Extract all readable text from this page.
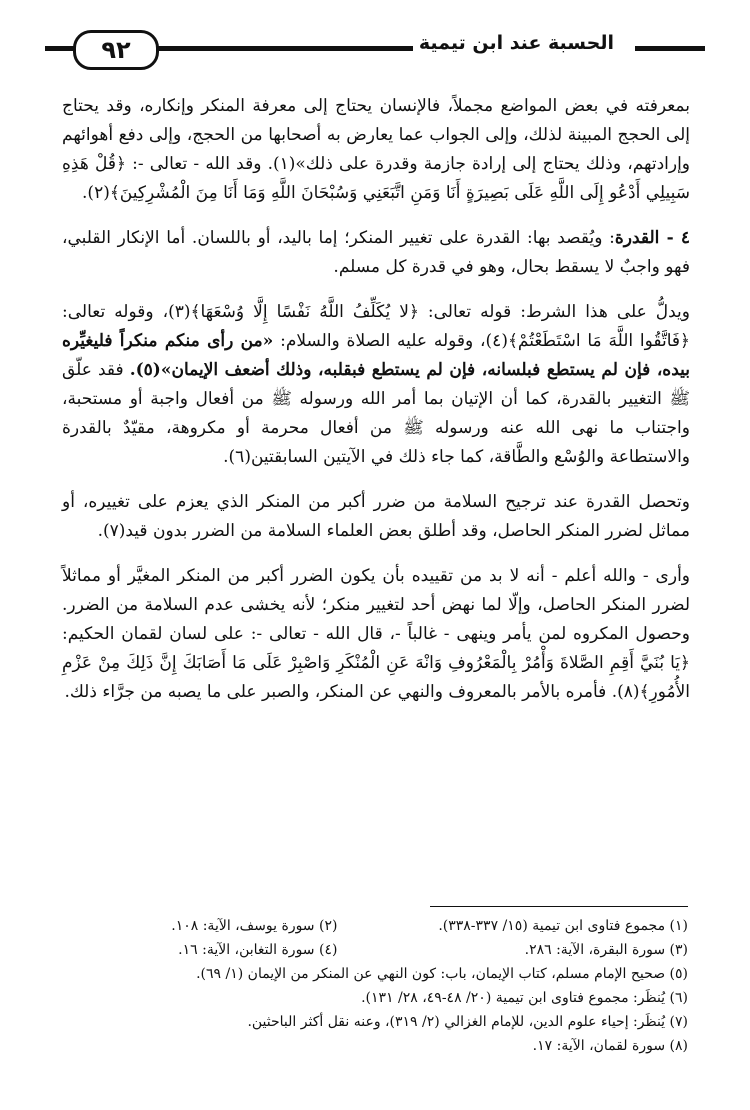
الحسبة عند ابن تيمية
٩٢

بمعرفته في بعض المواضع مجملاً، فالإنسان يحتاج إلى معرفة المنكر وإنكاره، وقد يحتاج إلى الحجج المبينة لذلك، وإلى الجواب عما يعارض به أصحابها من الحجج، وإلى دفع أهوائهم وإرادتهم، وذلك يحتاج إلى إرادة جازمة وقدرة على ذلك»(١). وقد الله - تعالى -: ﴿قُلْ هَذِهِ سَبِيلِي أَدْعُو إِلَى اللَّهِ عَلَى بَصِيرَةٍ أَنَا وَمَنِ اتَّبَعَنِي وَسُبْحَانَ اللَّهِ وَمَا أَنَا مِنَ الْمُشْرِكِينَ﴾(٢).

٤ - القدرة: ويُقصد بها: القدرة على تغيير المنكر؛ إما باليد، أو باللسان. أما الإنكار القلبي، فهو واجبٌ لا يسقط بحال، وهو في قدرة كل مسلم.

ويدلُّ على هذا الشرط: قوله تعالى: ﴿لا يُكَلِّفُ اللَّهُ نَفْسًا إِلَّا وُسْعَهَا﴾(٣)، وقوله تعالى: ﴿فَاتَّقُوا اللَّهَ مَا اسْتَطَعْتُمْ﴾(٤)، وقوله عليه الصلاة والسلام: «من رأى منكم منكراً فليغيِّره بيده، فإن لم يستطع فبلسانه، فإن لم يستطع فبقلبه، وذلك أضعف الإيمان»(٥). فقد علّق ﷺ التغيير بالقدرة، كما أن الإتيان بما أمر الله ورسوله ﷺ من أفعال واجبة أو مستحبة، واجتناب ما نهى الله عنه ورسوله ﷺ من أفعال محرمة أو مكروهة، مقيّدٌ بالقدرة والاستطاعة والوُسْع والطَّاقة، كما جاء ذلك في الآيتين السابقتين(٦).

وتحصل القدرة عند ترجيح السلامة من ضرر أكبر من المنكر الذي يعزم على تغييره، أو مماثل لضرر المنكر الحاصل، وقد أطلق بعض العلماء السلامة من الضرر بدون قيد(٧).

وأرى - والله أعلم - أنه لا بد من تقييده بأن يكون الضرر أكبر من المنكر المغيَّر أو مماثلاً لضرر المنكر الحاصل، وإلّا لما نهض أحد لتغيير منكر؛ لأنه يخشى عدم السلامة من الضرر. وحصول المكروه لمن يأمر وينهى - غالباً -، قال الله - تعالى -: على لسان لقمان الحكيم: ﴿يَا بُنَيَّ أَقِمِ الصَّلاةَ وَأْمُرْ بِالْمَعْرُوفِ وَانْهَ عَنِ الْمُنْكَرِ وَاصْبِرْ عَلَى مَا أَصَابَكَ إِنَّ ذَلِكَ مِنْ عَزْمِ الأُمُورِ﴾(٨). فأمره بالأمر بالمعروف والنهي عن المنكر، والصبر على ما يصبه من جرَّاء ذلك.

(١) مجموع فتاوى ابن تيمية (١٥/ ٣٣٧-٣٣٨).
(٢) سورة يوسف، الآية: ١٠٨.
(٣) سورة البقرة، الآية: ٢٨٦.
(٤) سورة التغابن، الآية: ١٦.
(٥) صحيح الإمام مسلم، كتاب الإيمان، باب: كون النهي عن المنكر من الإيمان (١/ ٦٩).
(٦) يُنظَر: مجموع فتاوى ابن تيمية (٢٠/ ٤٨-٤٩، ٢٨/ ١٣١).
(٧) يُنظَر: إحياء علوم الدين، للإمام الغزالي (٢/ ٣١٩)، وعنه نقل أكثر الباحثين.
(٨) سورة لقمان، الآية: ١٧.
